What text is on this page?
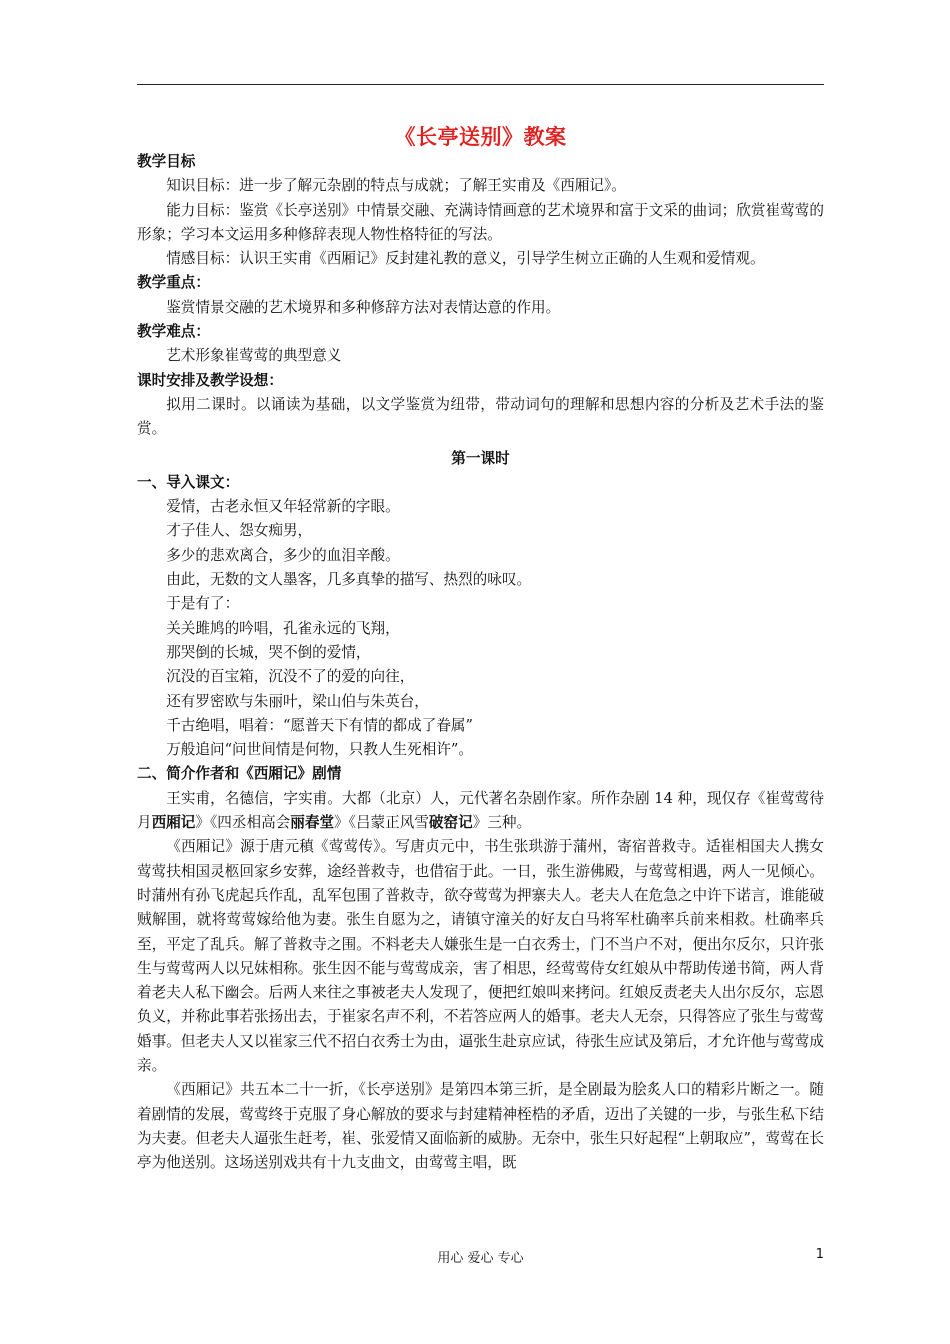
《长亭送别》教案

教学目标

知识目标：进一步了解元杂剧的特点与成就；了解王实甫及《西厢记》。

能力目标：鉴赏《长亭送别》中情景交融、充满诗情画意的艺术境界和富于文采的曲词；欣赏崔莺莺的形象；学习本文运用多种修辞表现人物性格特征的写法。

情感目标：认识王实甫《西厢记》反封建礼教的意义，引导学生树立正确的人生观和爱情观。

教学重点：

鉴赏情景交融的艺术境界和多种修辞方法对表情达意的作用。

教学难点：

艺术形象崔莺莺的典型意义

课时安排及教学设想：

拟用二课时。以诵读为基础，以文学鉴赏为纽带，带动词句的理解和思想内容的分析及艺术手法的鉴赏。

第一课时

一、导入课文：

爱情，古老永恒又年轻常新的字眼。

才子佳人、怨女痴男，

多少的悲欢离合，多少的血泪辛酸。

由此，无数的文人墨客，几多真挚的描写、热烈的咏叹。

于是有了：

关关雎鸠的吟唱，孔雀永远的飞翔，

那哭倒的长城，哭不倒的爱情，

沉没的百宝箱，沉没不了的爱的向往，

还有罗密欧与朱丽叶，梁山伯与朱英台，

千古绝唱，唱着：“愿普天下有情的都成了眷属”

万般追问“问世间情是何物，只教人生死相许”。

二、简介作者和《西厢记》剧情

王实甫，名德信，字实甫。大都（北京）人，元代著名杂剧作家。所作杂剧 14 种，现仅存《崔莺莺待月西厢记》《四丞相高会丽春堂》《吕蒙正风雪破窑记》三种。

《西厢记》源于唐元稹《莺莺传》。写唐贞元中，书生张珙游于蒲州，寄宿普救寺。适崔相国夫人携女莺莺扶相国灵柩回家乡安葬，途经普救寺，也借宿于此。一日，张生游佛殿，与莺莺相遇，两人一见倾心。时蒲州有孙飞虎起兵作乱，乱军包围了普救寺，欲夺莺莺为押寨夫人。老夫人在危急之中许下诺言，谁能破贼解围，就将莺莺嫁给他为妻。张生自愿为之，请镇守潼关的好友白马将军杜确率兵前来相救。杜确率兵至，平定了乱兵。解了普救寺之围。不料老夫人嫌张生是一白衣秀士，门不当户不对，便出尔反尔，只许张生与莺莺两人以兄妹相称。张生因不能与莺莺成亲，害了相思，经莺莺侍女红娘从中帮助传递书简，两人背着老夫人私下幽会。后两人来往之事被老夫人发现了，便把红娘叫来拷问。红娘反责老夫人出尔反尔，忘恩负义，并称此事若张扬出去，于崔家名声不利，不若答应两人的婚事。老夫人无奈，只得答应了张生与莺莺婚事。但老夫人又以崔家三代不招白衣秀士为由，逼张生赴京应试，待张生应试及第后，才允许他与莺莺成亲。

《西厢记》共五本二十一折，《长亭送别》是第四本第三折，是全剧最为脍炙人口的精彩片断之一。随着剧情的发展，莺莺终于克服了身心解放的要求与封建精神桎梏的矛盾，迈出了关键的一步，与张生私下结为夫妻。但老夫人逼张生赶考，崔、张爱情又面临新的威胁。无奈中，张生只好起程“上朝取应”，莺莺在长亭为他送别。这场送别戏共有十九支曲文，由莺莺主唱，既

用心 爱心 专心	1
